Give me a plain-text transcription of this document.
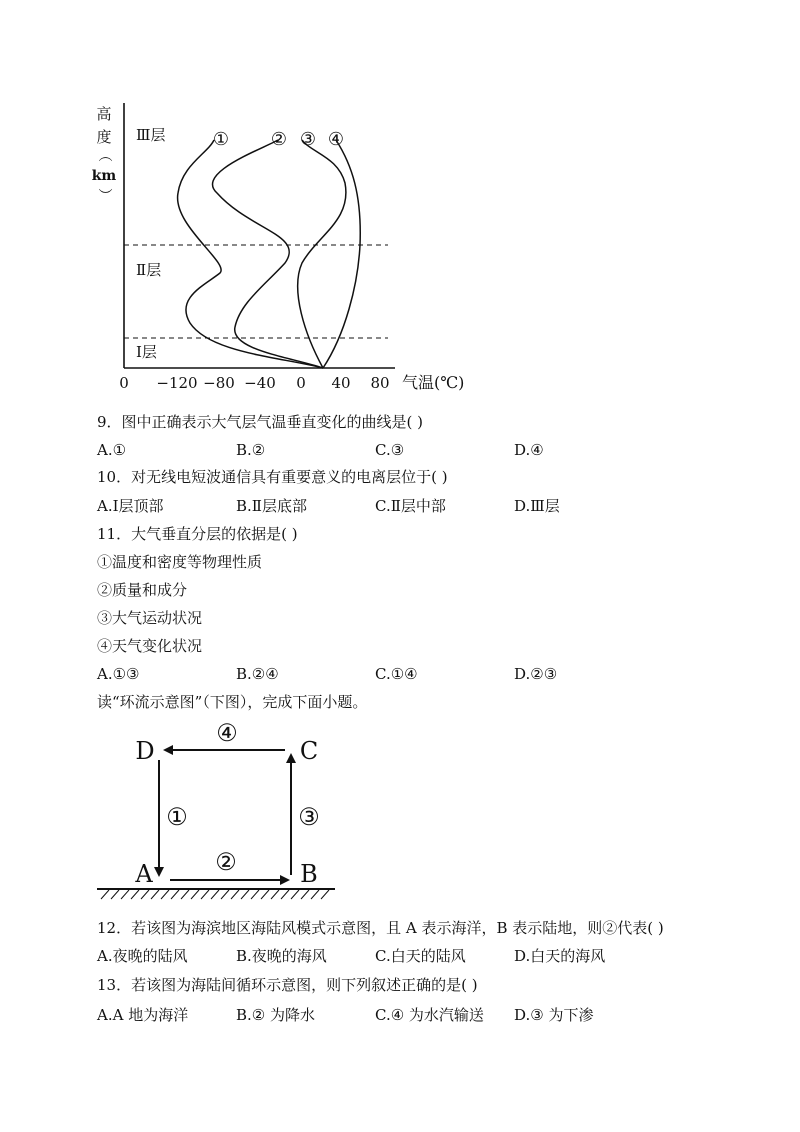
高
度
（
km
）
Ⅲ层
Ⅱ层
Ⅰ层
① ② ③ ④
0 −120 −80 −40 0 40 80 气温(℃)
9．图中正确表示大气层气温垂直变化的曲线是( )
A.①	B.②	C.③	D.④
10．对无线电短波通信具有重要意义的电离层位于( )
A.Ⅰ层顶部	B.Ⅱ层底部	C.Ⅱ层中部	D.Ⅲ层
11．大气垂直分层的依据是( )
①温度和密度等物理性质
②质量和成分
③大气运动状况
④天气变化状况
A.①③	B.②④	C.①④	D.②③
读“环流示意图”（下图），完成下面小题。
D	C
A	B
④
①	③
②
12．若该图为海滨地区海陆风模式示意图，且 A 表示海洋，B 表示陆地，则②代表( )
A.夜晚的陆风	B.夜晚的海风	C.白天的陆风	D.白天的海风
13．若该图为海陆间循环示意图，则下列叙述正确的是( )
A.A 地为海洋	B.② 为降水	C.④ 为水汽输送 D.③ 为下渗
